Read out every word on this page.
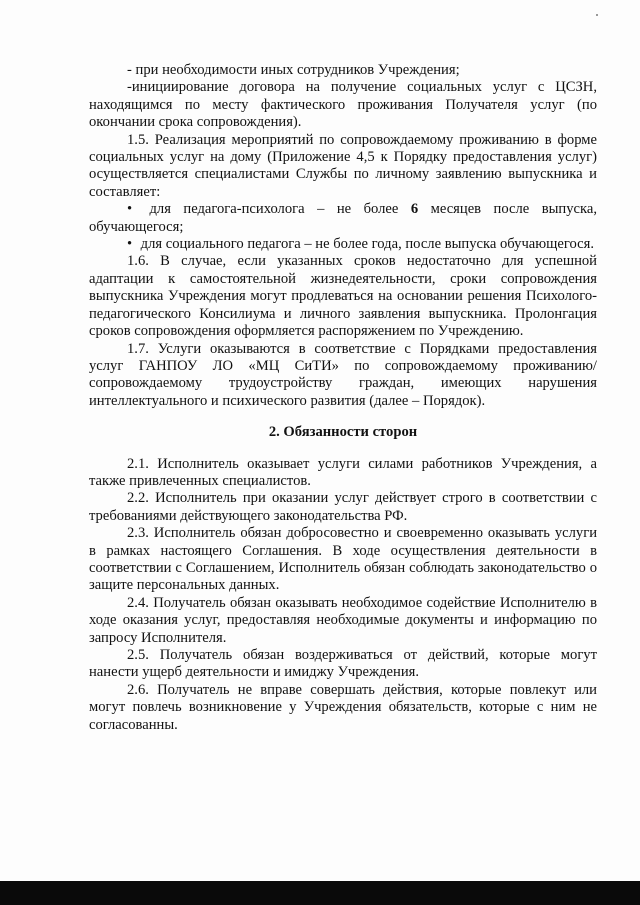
- при необходимости иных сотрудников Учреждения;

-инициирование договора на получение социальных услуг с ЦСЗН, находящимся по месту фактического проживания Получателя услуг (по окончании срока сопровождения).

1.5. Реализация мероприятий по сопровождаемому проживанию в форме социальных услуг на дому (Приложение 4,5 к Порядку предоставления услуг) осуществляется специалистами Службы по личному заявлению выпускника и составляет:

• для педагога-психолога – не более 6 месяцев после выпуска, обучающегося;

• для социального педагога – не более года, после выпуска обучающегося.

1.6. В случае, если указанных сроков недостаточно для успешной адаптации к самостоятельной жизнедеятельности, сроки сопровождения выпускника Учреждения могут продлеваться на основании решения Психолого-педагогического Консилиума и личного заявления выпускника. Пролонгация сроков сопровождения оформляется распоряжением по Учреждению.

1.7. Услуги оказываются в соответствие с Порядками предоставления услуг ГАНПОУ ЛО «МЦ СиТИ» по сопровождаемому проживанию/сопровождаемому трудоустройству граждан, имеющих нарушения интеллектуального и психического развития (далее – Порядок).

2. Обязанности сторон

2.1. Исполнитель оказывает услуги силами работников Учреждения, а также привлеченных специалистов.

2.2. Исполнитель при оказании услуг действует строго в соответствии с требованиями действующего законодательства РФ.

2.3. Исполнитель обязан добросовестно и своевременно оказывать услуги в рамках настоящего Соглашения. В ходе осуществления деятельности в соответствии с Соглашением, Исполнитель обязан соблюдать законодательство о защите персональных данных.

2.4. Получатель обязан оказывать необходимое содействие Исполнителю в ходе оказания услуг, предоставляя необходимые документы и информацию по запросу Исполнителя.

2.5. Получатель обязан воздерживаться от действий, которые могут нанести ущерб деятельности и имиджу Учреждения.

2.6. Получатель не вправе совершать действия, которые повлекут или могут повлечь возникновение у Учреждения обязательств, которые с ним не согласованны.
